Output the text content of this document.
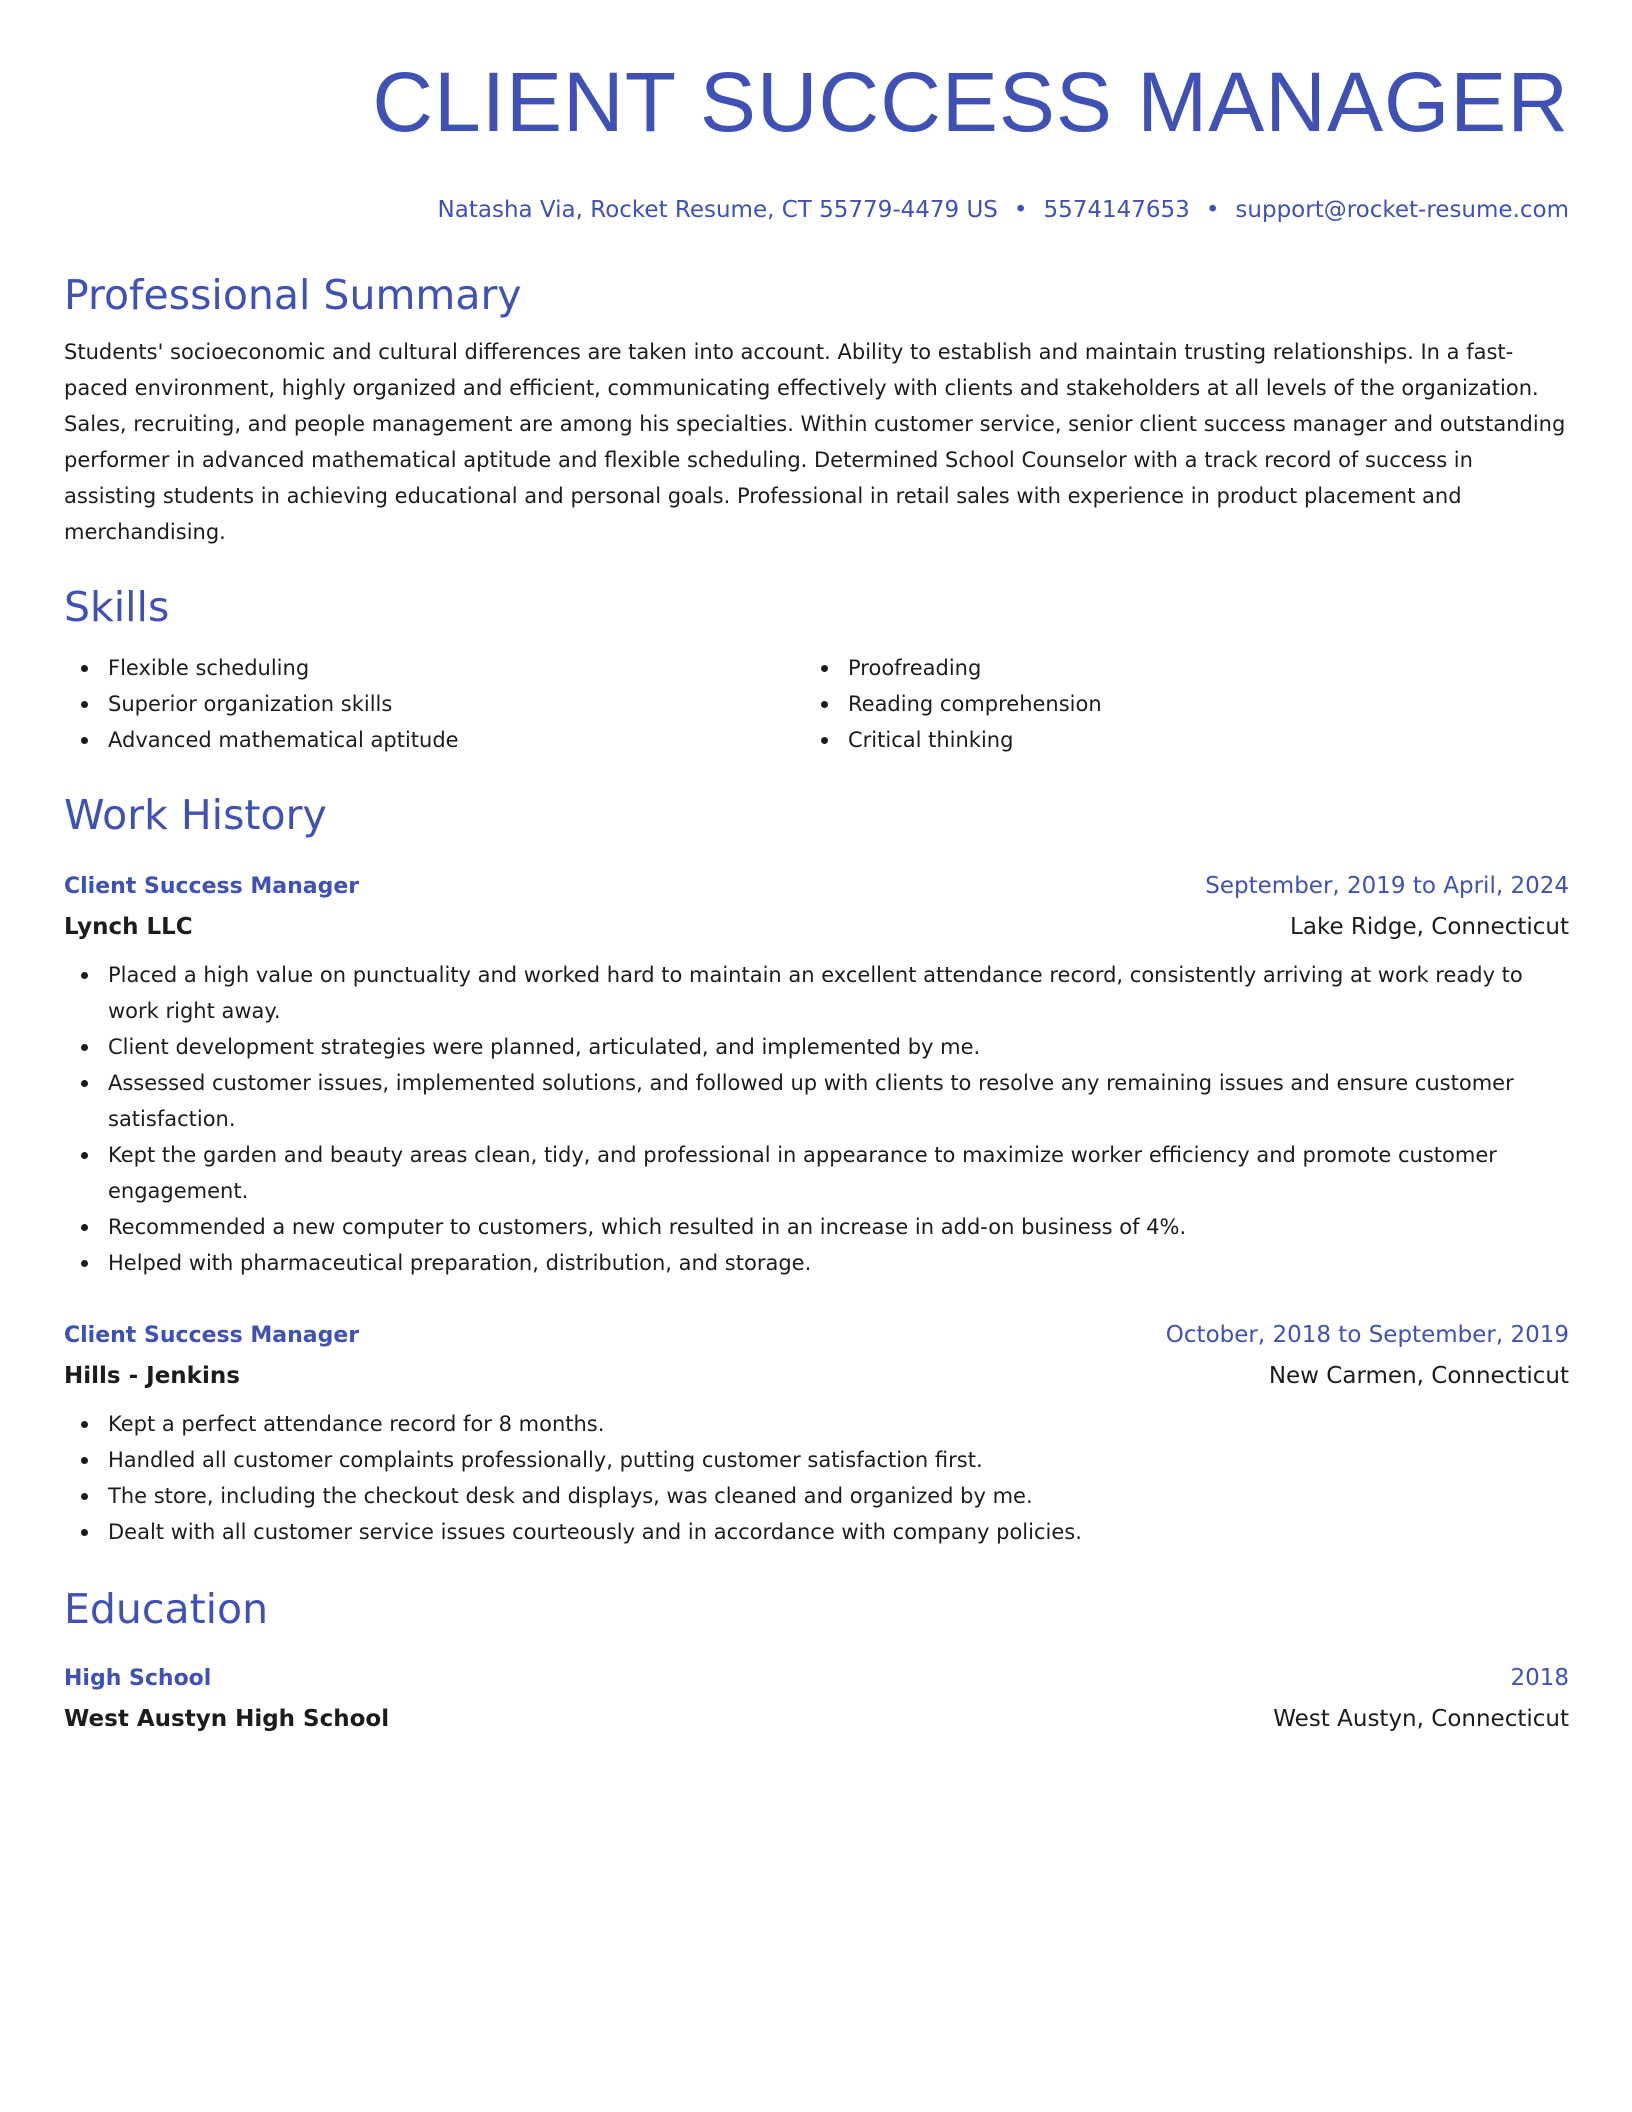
CLIENT SUCCESS MANAGER
Natasha Via, Rocket Resume, CT 55779-4479 US • 5574147653 • support@rocket-resume.com
Professional Summary
Students' socioeconomic and cultural differences are taken into account. Ability to establish and maintain trusting relationships. In a fast-paced environment, highly organized and efficient, communicating effectively with clients and stakeholders at all levels of the organization. Sales, recruiting, and people management are among his specialties. Within customer service, senior client success manager and outstanding performer in advanced mathematical aptitude and flexible scheduling. Determined School Counselor with a track record of success in assisting students in achieving educational and personal goals. Professional in retail sales with experience in product placement and merchandising.
Skills
Flexible scheduling
Superior organization skills
Advanced mathematical aptitude
Proofreading
Reading comprehension
Critical thinking
Work History
Client Success Manager	September, 2019 to April, 2024
Lynch LLC	Lake Ridge, Connecticut
Placed a high value on punctuality and worked hard to maintain an excellent attendance record, consistently arriving at work ready to work right away.
Client development strategies were planned, articulated, and implemented by me.
Assessed customer issues, implemented solutions, and followed up with clients to resolve any remaining issues and ensure customer satisfaction.
Kept the garden and beauty areas clean, tidy, and professional in appearance to maximize worker efficiency and promote customer engagement.
Recommended a new computer to customers, which resulted in an increase in add-on business of 4%.
Helped with pharmaceutical preparation, distribution, and storage.
Client Success Manager	October, 2018 to September, 2019
Hills - Jenkins	New Carmen, Connecticut
Kept a perfect attendance record for 8 months.
Handled all customer complaints professionally, putting customer satisfaction first.
The store, including the checkout desk and displays, was cleaned and organized by me.
Dealt with all customer service issues courteously and in accordance with company policies.
Education
High School	2018
West Austyn High School	West Austyn, Connecticut
